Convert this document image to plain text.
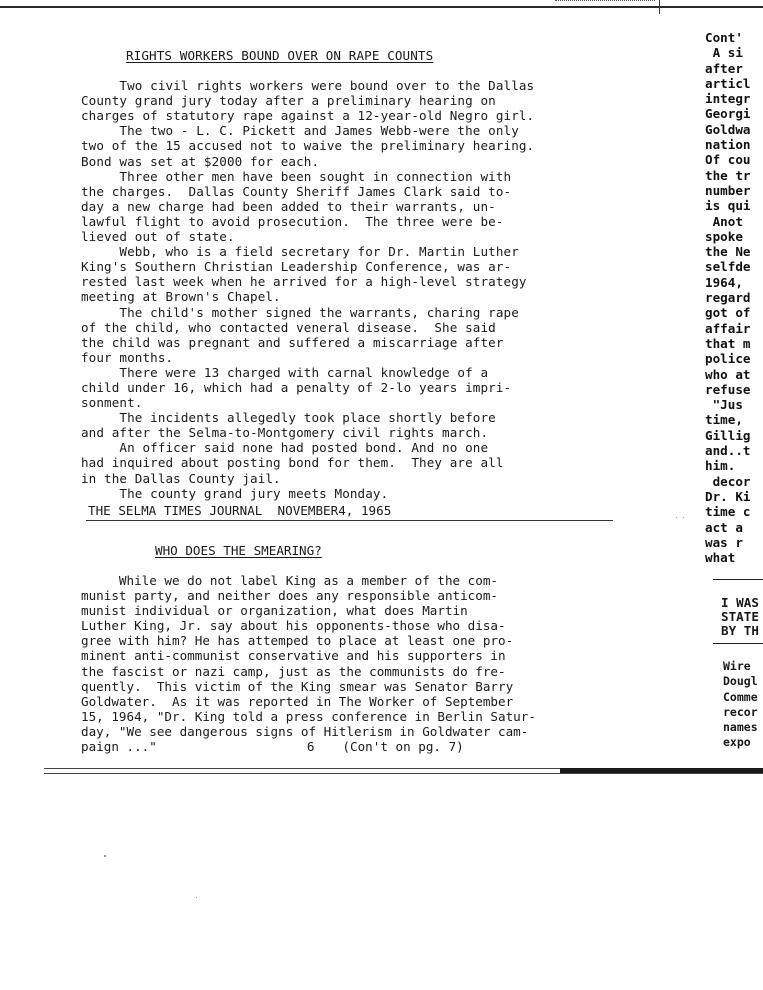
RIGHTS WORKERS BOUND OVER ON RAPE COUNTS
Two civil rights workers were bound over to the Dallas
County grand jury today after a preliminary hearing on
charges of statutory rape against a 12-year-old Negro girl.
The two - L. C. Pickett and James Webb-were the only
two of the 15 accused not to waive the preliminary hearing.
Bond was set at $2000 for each.
Three other men have been sought in connection with
the charges.  Dallas County Sheriff James Clark said to-
day a new charge had been added to their warrants, un-
lawful flight to avoid prosecution.  The three were be-
lieved out of state.
Webb, who is a field secretary for Dr. Martin Luther
King's Southern Christian Leadership Conference, was ar-
rested last week when he arrived for a high-level strategy
meeting at Brown's Chapel.
The child's mother signed the warrants, charing rape
of the child, who contacted veneral disease.  She said
the child was pregnant and suffered a miscarriage after
four months.
There were 13 charged with carnal knowledge of a
child under 16, which had a penalty of 2-lo years impri-
sonment.
The incidents allegedly took place shortly before
and after the Selma-to-Montgomery civil rights march.
An officer said none had posted bond. And no one
had inquired about posting bond for them.  They are all
in the Dallas County jail.
The county grand jury meets Monday.
THE SELMA TIMES JOURNAL  NOVEMBER4, 1965
WHO DOES THE SMEARING?
While we do not label King as a member of the com-
munist party, and neither does any responsible anticom-
munist individual or organization, what does Martin
Luther King, Jr. say about his opponents-those who disa-
gree with him? He has attemped to place at least one pro-
minent anti-communist conservative and his supporters in
the fascist or nazi camp, just as the communists do fre-
quently.  This victim of the King smear was Senator Barry
Goldwater.  As it was reported in The Worker of September
15, 1964, "Dr. King told a press conference in Berlin Satur-
day, "We see dangerous signs of Hitlerism in Goldwater cam-
paign ..."	6 (Con't on pg. 7)
Cont'
A si
after
articl
integr
Georgi
Goldwa
nation
Of cou
the tr
number
is qui
Anot
spoke
the Ne
selfde
1964,
regard
got of
affair
that m
police
who at
refuse
"Jus
time,
Gillig
and..t
him.
decor
Dr. Ki
time c
act a
was r
what
I WAS
STATE
BY TH
Wire
Dougl
Comme
recor
names
expo
